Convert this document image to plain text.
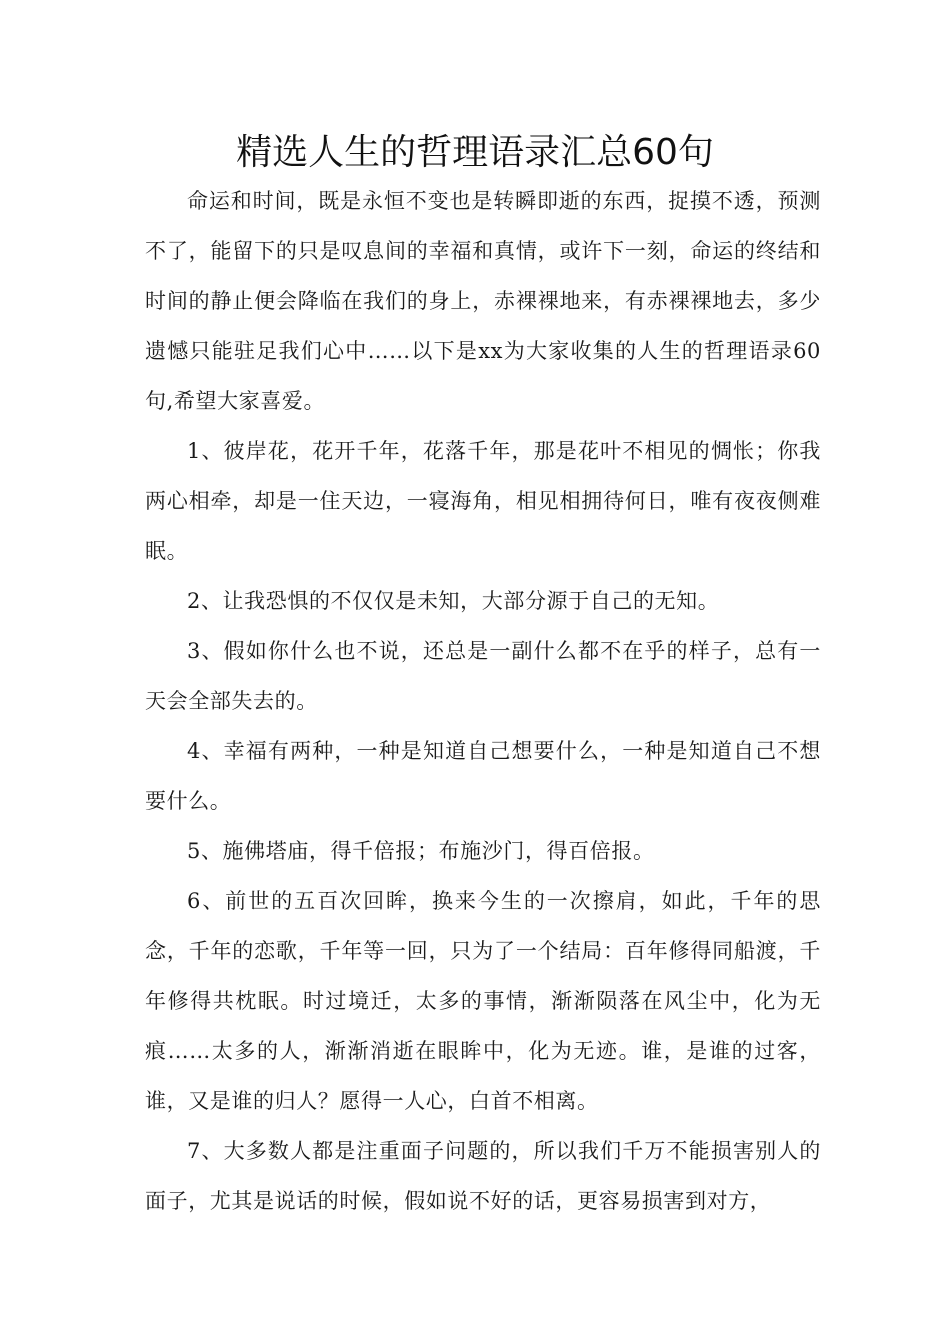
精选人生的哲理语录汇总60句

命运和时间，既是永恒不变也是转瞬即逝的东西，捉摸不透，预测不了，能留下的只是叹息间的幸福和真情，或许下一刻，命运的终结和时间的静止便会降临在我们的身上，赤裸裸地来，有赤裸裸地去，多少遗憾只能驻足我们心中……以下是xx为大家收集的人生的哲理语录60句,希望大家喜爱。

1、彼岸花，花开千年，花落千年，那是花叶不相见的惆怅；你我两心相牵，却是一住天边，一寝海角，相见相拥待何日，唯有夜夜侧难眠。

2、让我恐惧的不仅仅是未知，大部分源于自己的无知。

3、假如你什么也不说，还总是一副什么都不在乎的样子，总有一天会全部失去的。

4、幸福有两种，一种是知道自己想要什么，一种是知道自己不想要什么。

5、施佛塔庙，得千倍报；布施沙门，得百倍报。

6、前世的五百次回眸，换来今生的一次擦肩，如此，千年的思念，千年的恋歌，千年等一回，只为了一个结局：百年修得同船渡，千年修得共枕眠。时过境迁，太多的事情，渐渐陨落在风尘中，化为无痕……太多的人，渐渐消逝在眼眸中，化为无迹。谁，是谁的过客，谁，又是谁的归人？愿得一人心，白首不相离。

7、大多数人都是注重面子问题的，所以我们千万不能损害别人的面子，尤其是说话的时候，假如说不好的话，更容易损害到对方，
